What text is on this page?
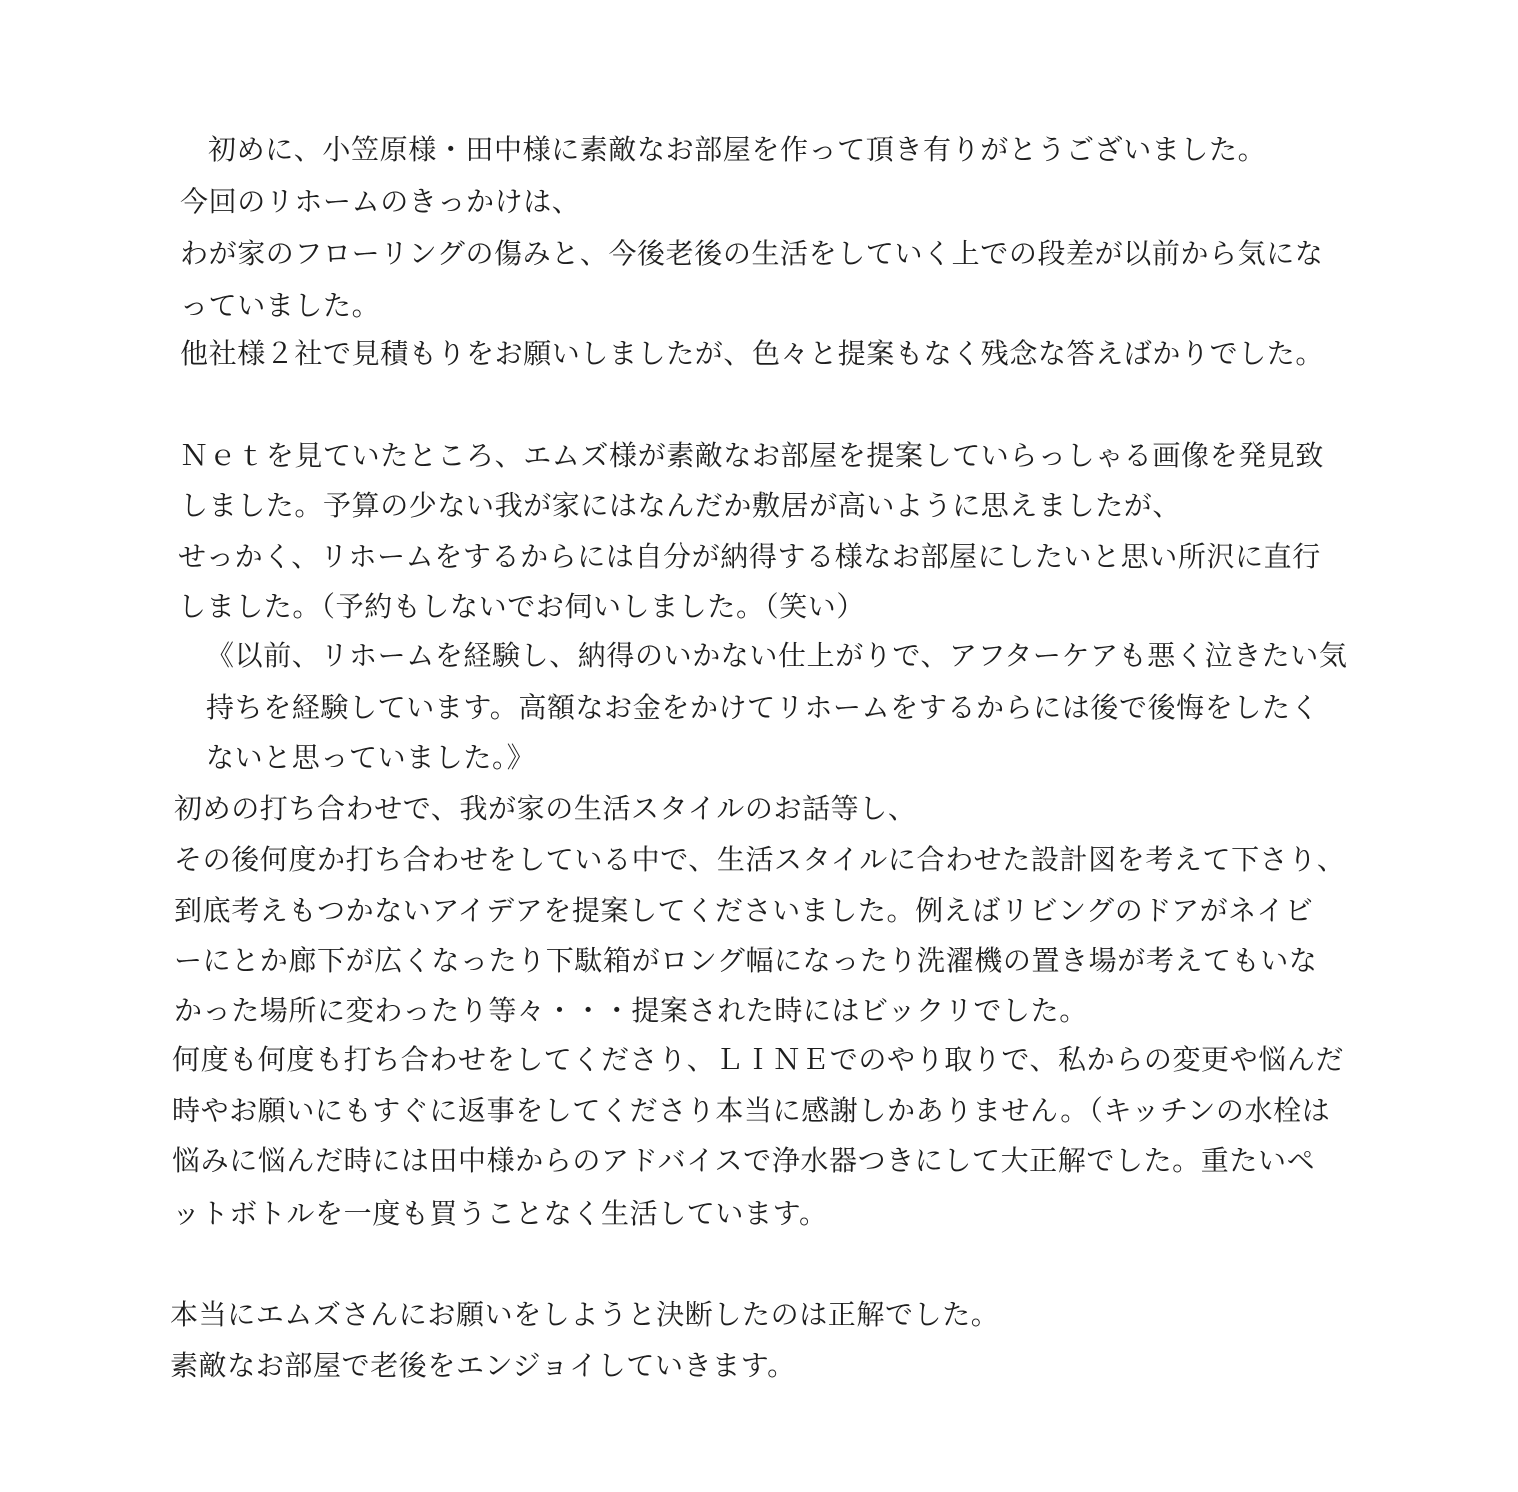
初めに、小笠原様・田中様に素敵なお部屋を作って頂き有りがとうございました。

今回のリホームのきっかけは、

わが家のフローリングの傷みと、今後老後の生活をしていく上での段差が以前から気にな

っていました。

他社様２社で見積もりをお願いしましたが、色々と提案もなく残念な答えばかりでした。

Ｎｅｔを見ていたところ、エムズ様が素敵なお部屋を提案していらっしゃる画像を発見致

しました。予算の少ない我が家にはなんだか敷居が高いように思えましたが、

せっかく、リホームをするからには自分が納得する様なお部屋にしたいと思い所沢に直行

しました。（予約もしないでお伺いしました。（笑い）

《以前、リホームを経験し、納得のいかない仕上がりで、アフターケアも悪く泣きたい気

持ちを経験しています。高額なお金をかけてリホームをするからには後で後悔をしたく

ないと思っていました。》

初めの打ち合わせで、我が家の生活スタイルのお話等し、

その後何度か打ち合わせをしている中で、生活スタイルに合わせた設計図を考えて下さり、

到底考えもつかないアイデアを提案してくださいました。例えばリビングのドアがネイビ

ーにとか廊下が広くなったり下駄箱がロング幅になったり洗濯機の置き場が考えてもいな

かった場所に変わったり等々・・・提案された時にはビックリでした。

何度も何度も打ち合わせをしてくださり、ＬＩＮＥでのやり取りで、私からの変更や悩んだ

時やお願いにもすぐに返事をしてくださり本当に感謝しかありません。（キッチンの水栓は

悩みに悩んだ時には田中様からのアドバイスで浄水器つきにして大正解でした。重たいペ

ットボトルを一度も買うことなく生活しています。

本当にエムズさんにお願いをしようと決断したのは正解でした。

素敵なお部屋で老後をエンジョイしていきます。
